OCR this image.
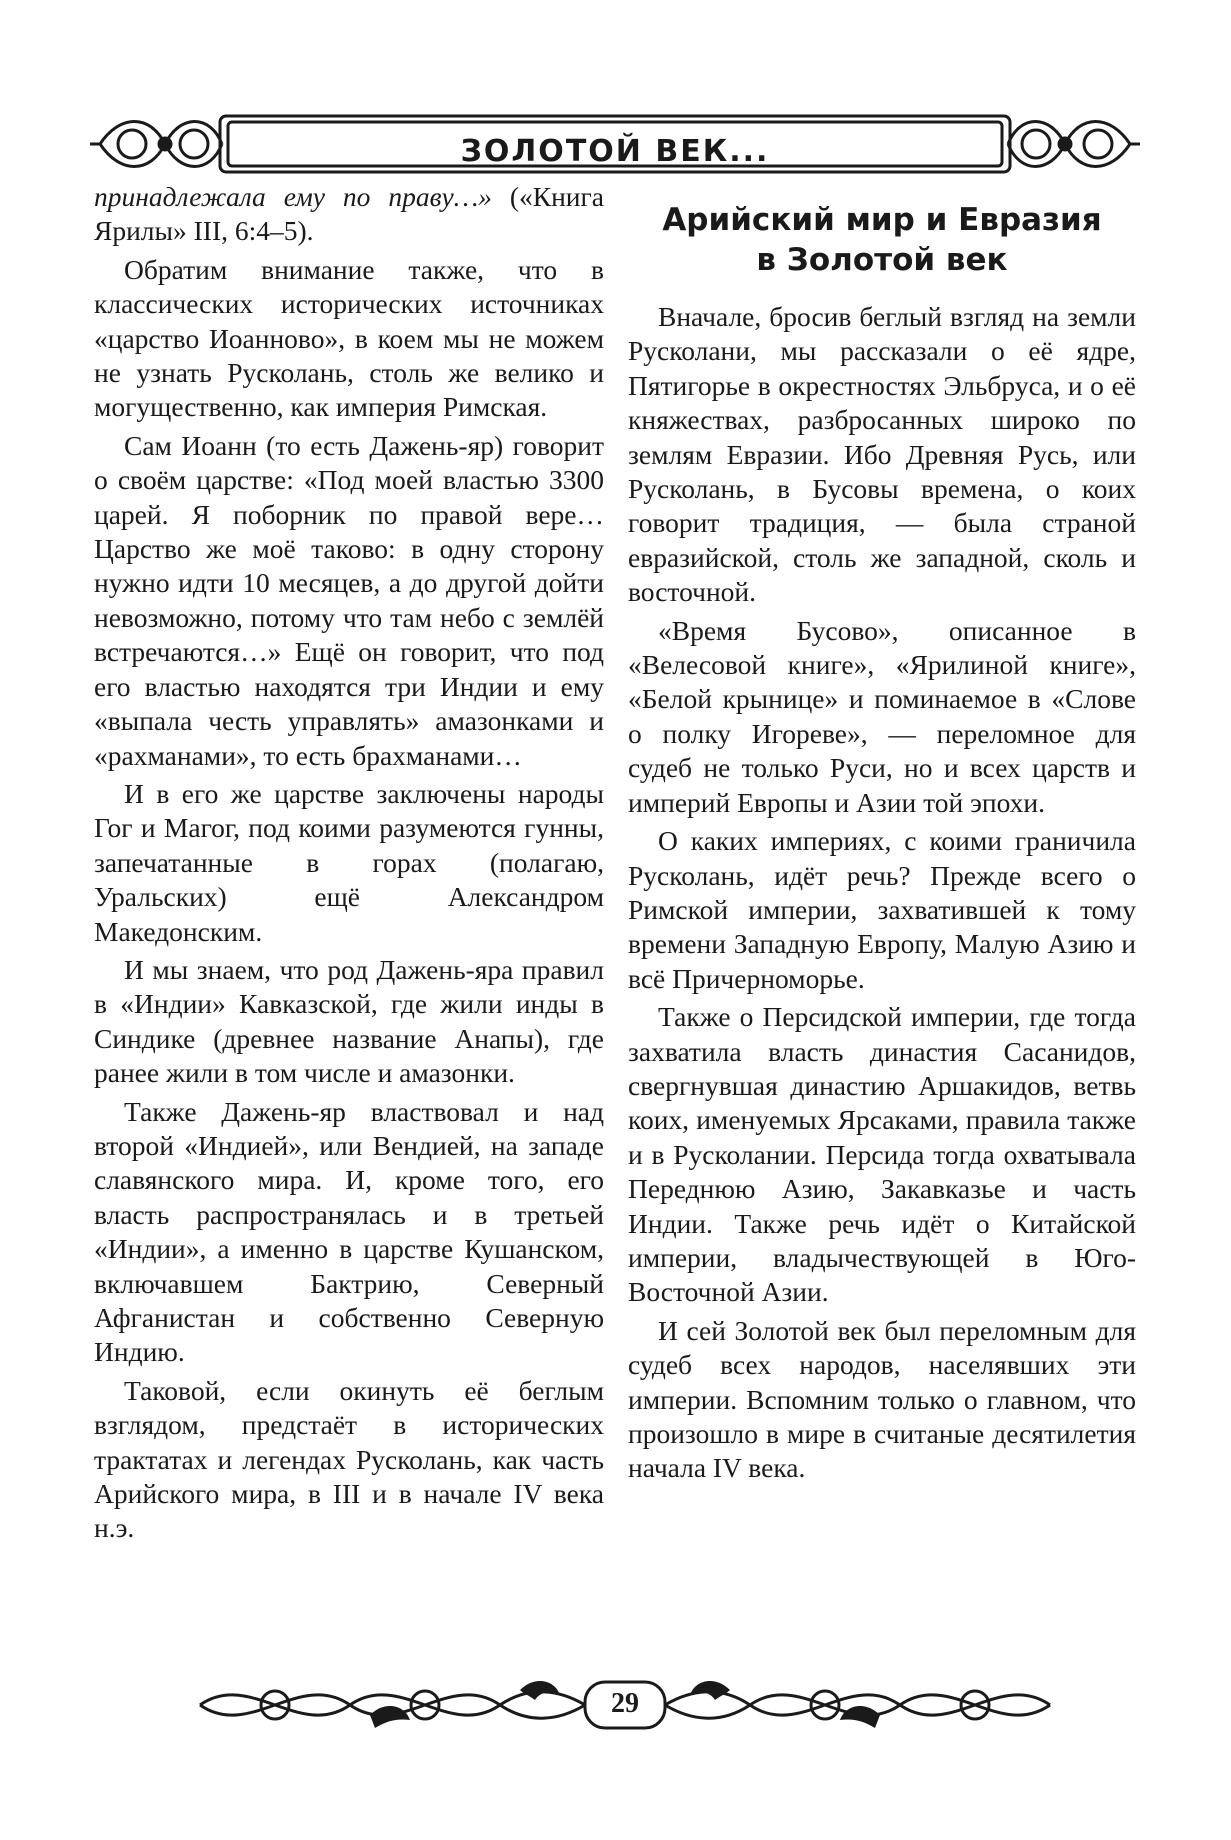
ЗОЛОТОЙ ВЕК...

принадлежала ему по праву…» («Книга Ярилы» III, 6:4–5).

Обратим внимание также, что в классических исторических источниках «царство Иоанново», в коем мы не можем не узнать Русколань, столь же велико и могущественно, как империя Римская.

Сам Иоанн (то есть Дажень-яр) говорит о своём царстве: «Под моей властью 3300 царей. Я поборник по правой вере… Царство же моё таково: в одну сторону нужно идти 10 месяцев, а до другой дойти невозможно, потому что там небо с землёй встречаются…» Ещё он говорит, что под его властью находятся три Индии и ему «выпала честь управлять» амазонками и «рахманами», то есть брахманами…

И в его же царстве заключены народы Гог и Магог, под коими разумеются гунны, запечатанные в горах (полагаю, Уральских) ещё Александром Македонским.

И мы знаем, что род Дажень-яра правил в «Индии» Кавказской, где жили инды в Синдике (древнее название Анапы), где ранее жили в том числе и амазонки.

Также Дажень-яр властвовал и над второй «Индией», или Вендией, на западе славянского мира. И, кроме того, его власть распространялась и в третьей «Индии», а именно в царстве Кушанском, включавшем Бактрию, Северный Афганистан и собственно Северную Индию.

Таковой, если окинуть её беглым взглядом, предстаёт в исторических трактатах и легендах Русколань, как часть Арийского мира, в III и в начале IV века н.э.

Арийский мир и Евразия
в Золотой век

Вначале, бросив беглый взгляд на земли Русколани, мы рассказали о её ядре, Пятигорье в окрестностях Эльбруса, и о её княжествах, разбросанных широко по землям Евразии. Ибо Древняя Русь, или Русколань, в Бусовы времена, о коих говорит традиция, — была страной евразийской, столь же западной, сколь и восточной.

«Время Бусово», описанное в «Велесовой книге», «Ярилиной книге», «Белой крынице» и поминаемое в «Слове о полку Игореве», — переломное для судеб не только Руси, но и всех царств и империй Европы и Азии той эпохи.

О каких империях, с коими граничила Русколань, идёт речь? Прежде всего о Римской империи, захватившей к тому времени Западную Европу, Малую Азию и всё Причерноморье.

Также о Персидской империи, где тогда захватила власть династия Сасанидов, свергнувшая династию Аршакидов, ветвь коих, именуемых Ярсаками, правила также и в Русколании. Персида тогда охватывала Переднюю Азию, Закавказье и часть Индии. Также речь идёт о Китайской империи, владычествующей в Юго-Восточной Азии.

И сей Золотой век был переломным для судеб всех народов, населявших эти империи. Вспомним только о главном, что произошло в мире в считаные десятилетия начала IV века.

29
